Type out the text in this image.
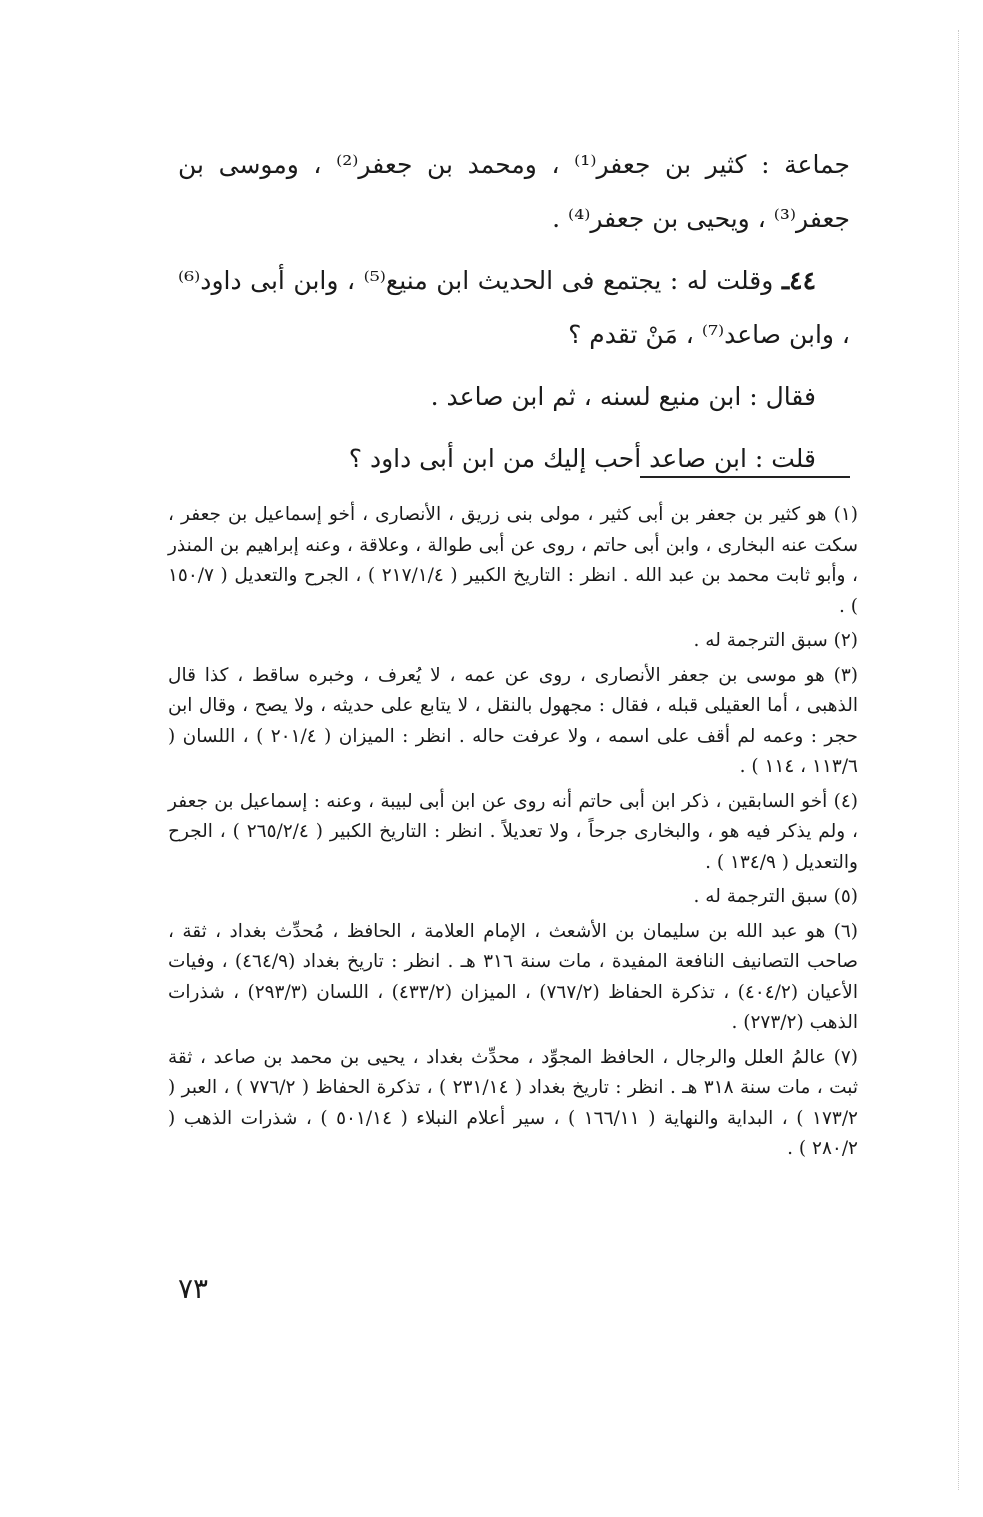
جماعة : كثير بن جعفر⁽¹⁾ ، ومحمد بن جعفر⁽²⁾ ، وموسى بن جعفر⁽³⁾ ، ويحيى بن جعفر⁽⁴⁾ .

٤٤ـ وقلت له : يجتمع فى الحديث ابن منيع⁽⁵⁾ ، وابن أبى داود⁽⁶⁾ ، وابن صاعد⁽⁷⁾ ، مَنْ تقدم ؟

فقال : ابن منيع لسنه ، ثم ابن صاعد .

قلت : ابن صاعد أحب إليك من ابن أبى داود ؟

(١) هو كثير بن جعفر بن أبى كثير ، مولى بنى زريق ، الأنصارى ، أخو إسماعيل بن جعفر ، سكت عنه البخارى ، وابن أبى حاتم ، روى عن أبى طوالة ، وعلاقة ، وعنه إبراهيم بن المنذر ، وأبو ثابت محمد بن عبد الله . انظر : التاريخ الكبير ( ٢١٧/١/٤ ) ، الجرح والتعديل ( ١٥٠/٧ ) .

(٢) سبق الترجمة له .

(٣) هو موسى بن جعفر الأنصارى ، روى عن عمه ، لا يُعرف ، وخبره ساقط ، كذا قال الذهبى ، أما العقيلى قبله ، فقال : مجهول بالنقل ، لا يتابع على حديثه ، ولا يصح ، وقال ابن حجر : وعمه لم أقف على اسمه ، ولا عرفت حاله . انظر : الميزان ( ٢٠١/٤ ) ، اللسان ( ١١٣/٦ ، ١١٤ ) .

(٤) أخو السابقين ، ذكر ابن أبى حاتم أنه روى عن ابن أبى لبيبة ، وعنه : إسماعيل بن جعفر ، ولم يذكر فيه هو ، والبخارى جرحاً ، ولا تعديلاً . انظر : التاريخ الكبير ( ٢٦٥/٢/٤ ) ، الجرح والتعديل ( ١٣٤/٩ ) .

(٥) سبق الترجمة له .

(٦) هو عبد الله بن سليمان بن الأشعث ، الإمام العلامة ، الحافظ ، مُحدِّث بغداد ، ثقة ، صاحب التصانيف النافعة المفيدة ، مات سنة ٣١٦ هـ . انظر : تاريخ بغداد (٤٦٤/٩) ، وفيات الأعيان (٤٠٤/٢) ، تذكرة الحفاظ (٧٦٧/٢) ، الميزان (٤٣٣/٢) ، اللسان (٢٩٣/٣) ، شذرات الذهب (٢٧٣/٢) .

(٧) عالمُ العلل والرجال ، الحافظ المجوِّد ، محدِّث بغداد ، يحيى بن محمد بن صاعد ، ثقة ثبت ، مات سنة ٣١٨ هـ . انظر : تاريخ بغداد ( ٢٣١/١٤ ) ، تذكرة الحفاظ ( ٧٧٦/٢ ) ، العبر ( ١٧٣/٢ ) ، البداية والنهاية ( ١٦٦/١١ ) ، سير أعلام النبلاء ( ٥٠١/١٤ ) ، شذرات الذهب ( ٢٨٠/٢ ) .

٧٣
